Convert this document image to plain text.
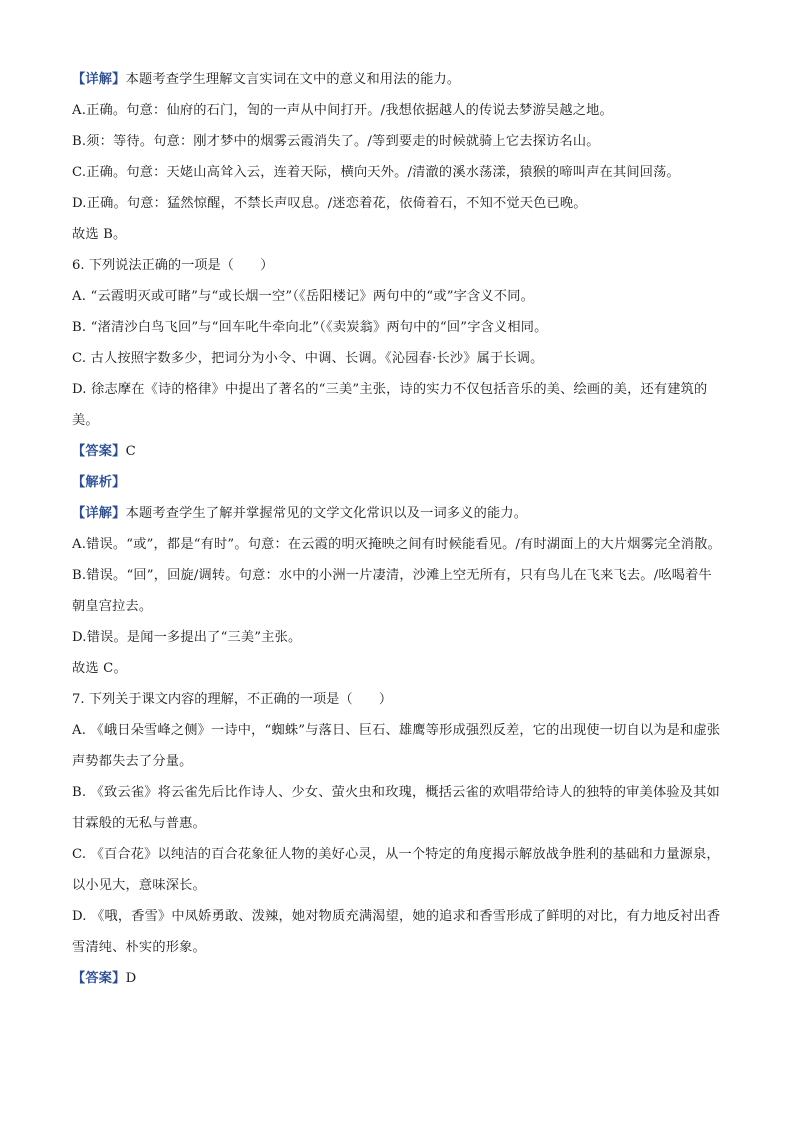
【详解】本题考查学生理解文言实词在文中的意义和用法的能力。
A.正确。句意：仙府的石门，訇的一声从中间打开。/我想依据越人的传说去梦游吴越之地。
B.须：等待。句意：刚才梦中的烟雾云霞消失了。/等到要走的时候就骑上它去探访名山。
C.正确。句意：天姥山高耸入云，连着天际，横向天外。/清澈的溪水荡漾，猿猴的啼叫声在其间回荡。
D.正确。句意：猛然惊醒，不禁长声叹息。/迷恋着花，依倚着石，不知不觉天色已晚。
故选 B。
6. 下列说法正确的一项是（　　）
A. “云霞明灭或可睹”与“或长烟一空”（《岳阳楼记》两句中的“或”字含义不同。
B. “渚清沙白鸟飞回”与“回车叱牛牵向北”（《卖炭翁》两句中的“回”字含义相同。
C. 古人按照字数多少，把词分为小令、中调、长调。《沁园春·长沙》属于长调。
D. 徐志摩在《诗的格律》中提出了著名的“三美”主张，诗的实力不仅包括音乐的美、绘画的美，还有建筑的美。
【答案】C
【解析】
【详解】本题考查学生了解并掌握常见的文学文化常识以及一词多义的能力。
A.错误。“或”，都是“有时”。句意：在云霞的明灭掩映之间有时候能看见。/有时湖面上的大片烟雾完全消散。
B.错误。“回”，回旋/调转。句意：水中的小洲一片凄清，沙滩上空无所有，只有鸟儿在飞来飞去。/吆喝着牛朝皇宫拉去。
D.错误。是闻一多提出了“三美”主张。
故选 C。
7. 下列关于课文内容的理解，不正确的一项是（　　）
A. 《峨日朵雪峰之侧》一诗中，“蜘蛛”与落日、巨石、雄鹰等形成强烈反差，它的出现使一切自以为是和虚张声势都失去了分量。
B. 《致云雀》将云雀先后比作诗人、少女、萤火虫和玫瑰，概括云雀的欢唱带给诗人的独特的审美体验及其如甘霖般的无私与普惠。
C. 《百合花》以纯洁的百合花象征人物的美好心灵，从一个特定的角度揭示解放战争胜利的基础和力量源泉，以小见大，意味深长。
D. 《哦，香雪》中凤娇勇敢、泼辣，她对物质充满渴望，她的追求和香雪形成了鲜明的对比，有力地反衬出香雪清纯、朴实的形象。
【答案】D
